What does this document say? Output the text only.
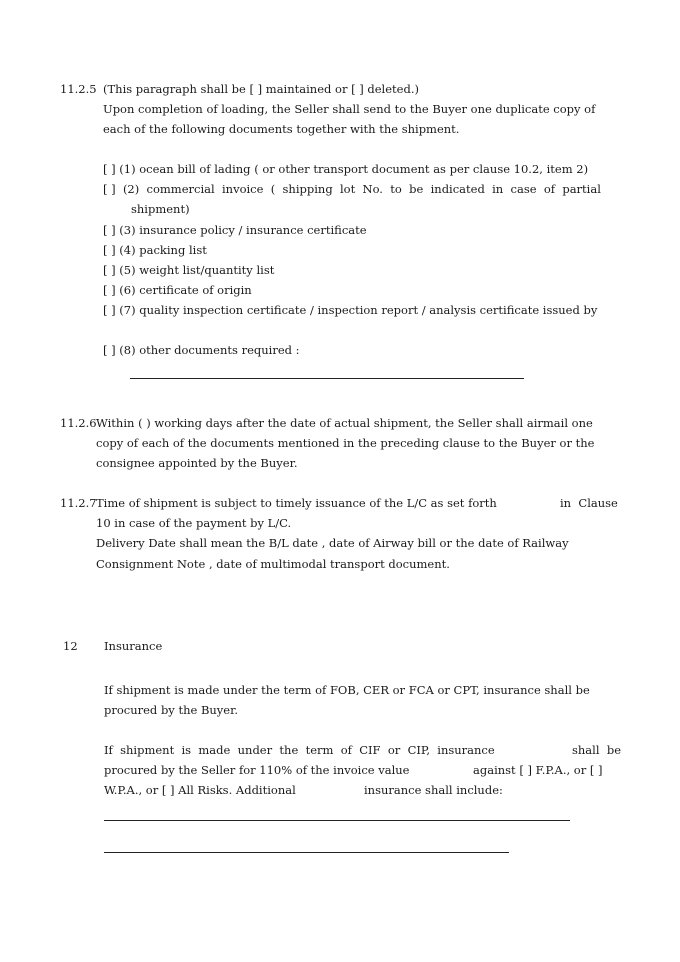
11.2.5 (This paragraph shall be [ ] maintained or [ ] deleted.)
Upon completion of loading, the Seller shall send to the Buyer one duplicate copy of
each of the following documents together with the shipment.
[ ] (1) ocean bill of lading ( or other transport document as per clause 10.2, item 2)
[ ]  (2)  commercial  invoice  (  shipping  lot  No.  to  be  indicated  in  case  of  partial
shipment)
[ ] (3) insurance policy / insurance certificate
[ ] (4) packing list
[ ] (5) weight list/quantity list
[ ] (6) certificate of origin
[ ] (7) quality inspection certificate / inspection report / analysis certificate issued by
[ ] (8) other documents required :
11.2.6 Within ( ) working days after the date of actual shipment, the Seller shall airmail one
copy of each of the documents mentioned in the preceding clause to the Buyer or the
consignee appointed by the Buyer.
11.2.7 Time of shipment is subject to timely issuance of the L/C as set forth	in  Clause
10 in case of the payment by L/C.
Delivery Date shall mean the B/L date , date of Airway bill or the date of Railway
Consignment Note , date of multimodal transport document.
12 Insurance
If shipment is made under the term of FOB, CER or FCA or CPT, insurance shall be
procured by the Buyer.
If  shipment  is  made  under  the  term  of  CIF  or  CIP,  insurance	shall  be
procured by the Seller for 110% of the invoice value	against [ ] F.P.A., or [ ]
W.P.A., or [ ] All Risks. Additional	insurance shall include:
